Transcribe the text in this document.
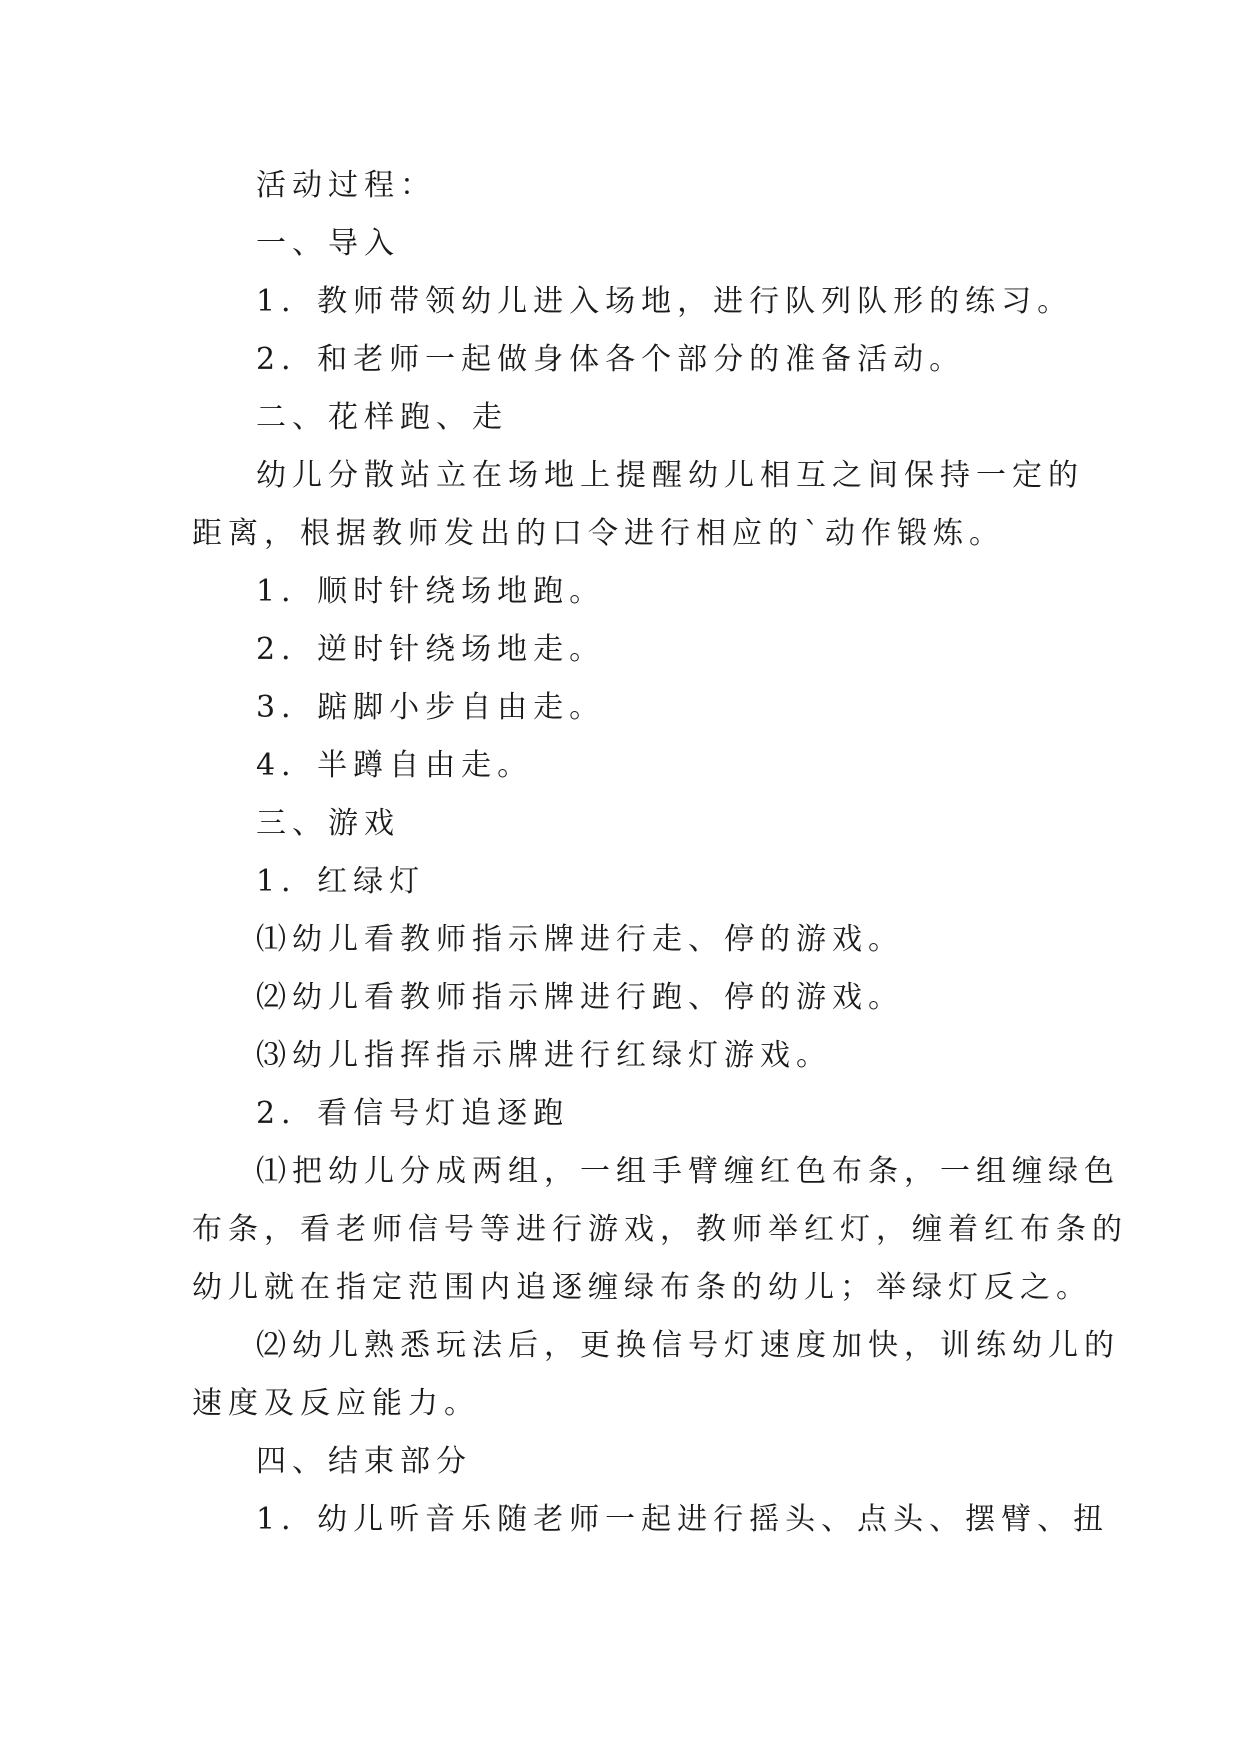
活动过程：

一、导入

1．教师带领幼儿进入场地，进行队列队形的练习。

2．和老师一起做身体各个部分的准备活动。

二、花样跑、走

幼儿分散站立在场地上提醒幼儿相互之间保持一定的

距离，根据教师发出的口令进行相应的`动作锻炼。

1．顺时针绕场地跑。

2．逆时针绕场地走。

3．踮脚小步自由走。

4．半蹲自由走。

三、游戏

1．红绿灯

⑴幼儿看教师指示牌进行走、停的游戏。

⑵幼儿看教师指示牌进行跑、停的游戏。

⑶幼儿指挥指示牌进行红绿灯游戏。

2．看信号灯追逐跑

⑴把幼儿分成两组，一组手臂缠红色布条，一组缠绿色

布条，看老师信号等进行游戏，教师举红灯，缠着红布条的

幼儿就在指定范围内追逐缠绿布条的幼儿；举绿灯反之。

⑵幼儿熟悉玩法后，更换信号灯速度加快，训练幼儿的

速度及反应能力。

四、结束部分

1．幼儿听音乐随老师一起进行摇头、点头、摆臂、扭
